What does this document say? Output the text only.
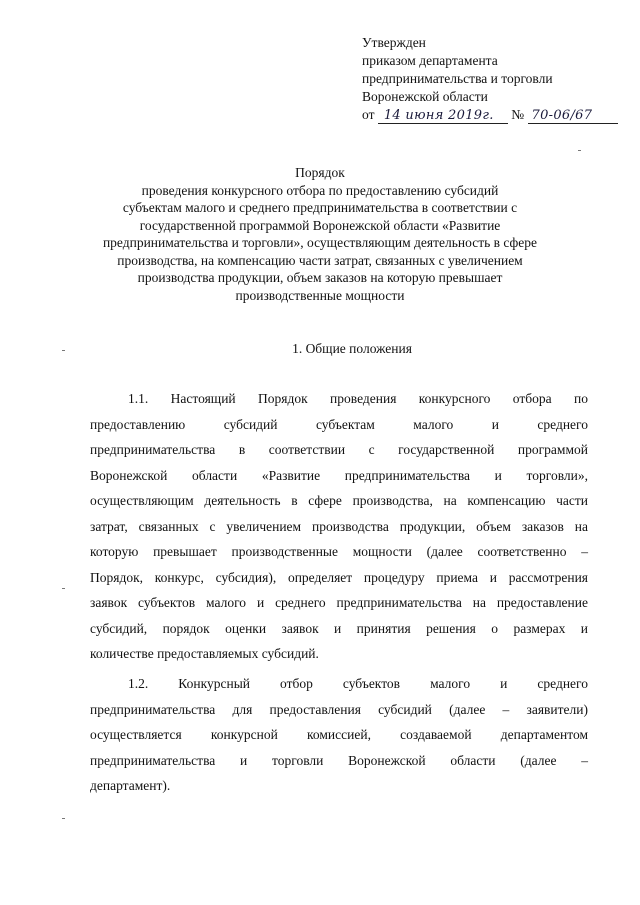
Утвержден
приказом департамента
предпринимательства и торговли
Воронежской области
от 14 июня 2019г. № 70-06/67
Порядок
проведения конкурсного отбора по предоставлению субсидий
субъектам малого и среднего предпринимательства в соответствии с
государственной программой Воронежской области «Развитие
предпринимательства и торговли», осуществляющим деятельность в сфере
производства, на компенсацию части затрат, связанных с увеличением
производства продукции, объем заказов на которую превышает
производственные мощности
1. Общие положения
1.1. Настоящий Порядок проведения конкурсного отбора по
предоставлению субсидий субъектам малого и среднего
предпринимательства в соответствии с государственной программой
Воронежской области «Развитие предпринимательства и торговли»,
осуществляющим деятельность в сфере производства, на компенсацию части
затрат, связанных с увеличением производства продукции, объем заказов на
которую превышает производственные мощности (далее соответственно –
Порядок, конкурс, субсидия), определяет процедуру приема и рассмотрения
заявок субъектов малого и среднего предпринимательства на предоставление
субсидий, порядок оценки заявок и принятия решения о размерах и
количестве предоставляемых субсидий.
1.2. Конкурсный отбор субъектов малого и среднего
предпринимательства для предоставления субсидий (далее – заявители)
осуществляется конкурсной комиссией, создаваемой департаментом
предпринимательства и торговли Воронежской области (далее –
департамент).
